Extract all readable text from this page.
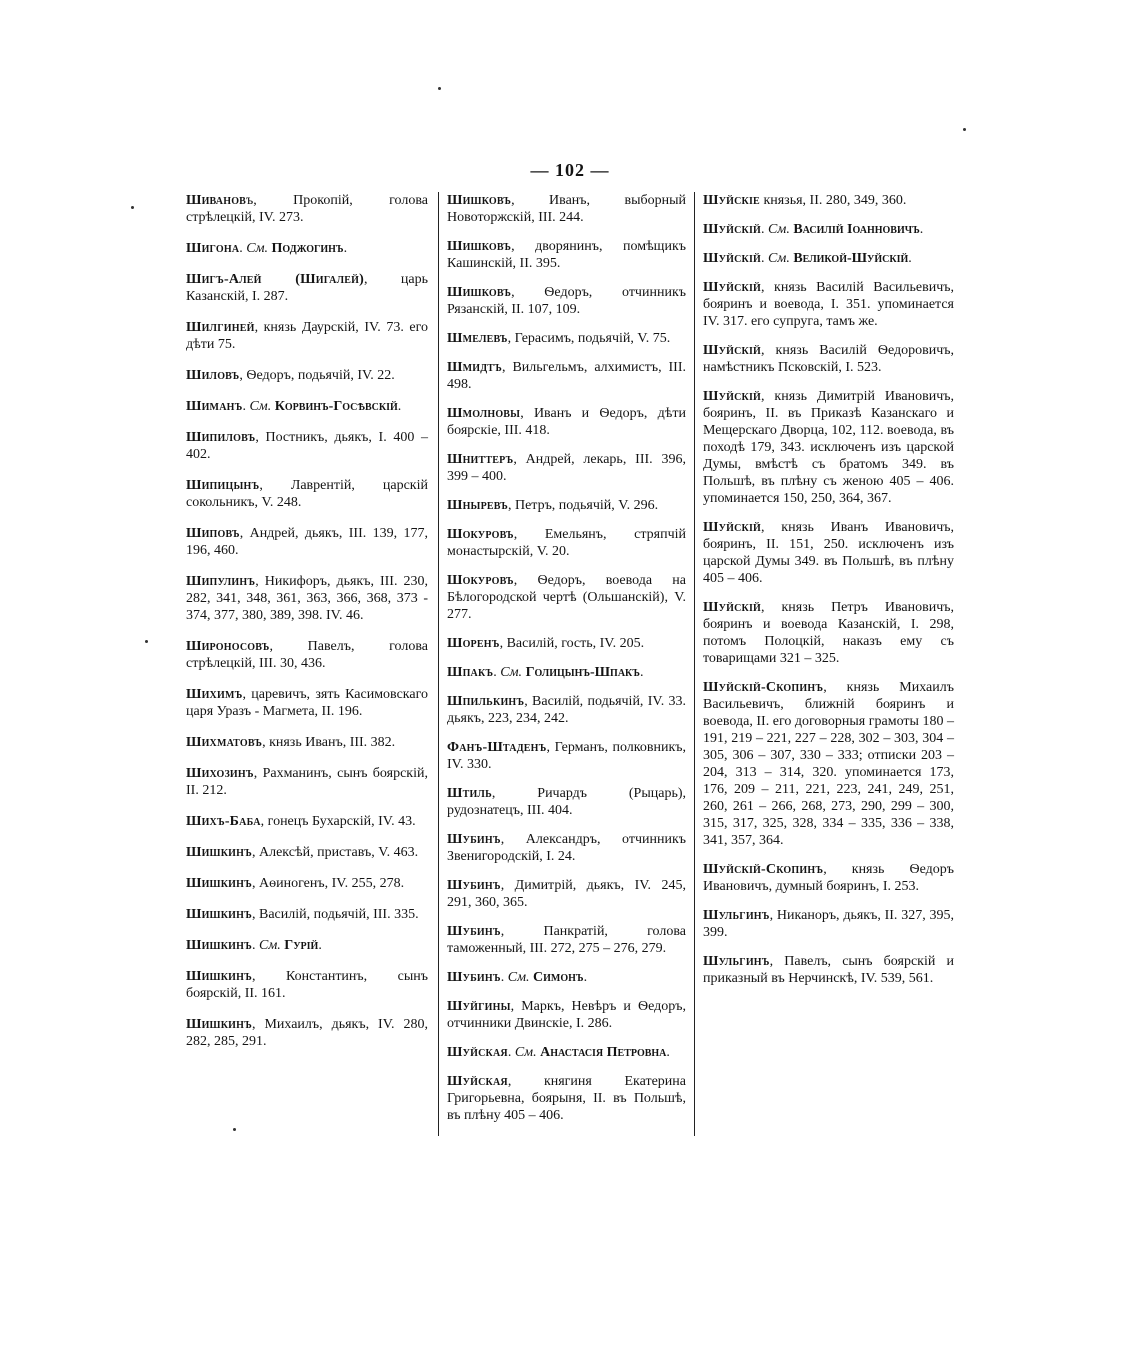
— 102 —

Шивановъ, Прокопій, голова стрѣлецкій, IV. 273.

Шигона. См. Поджогинъ.

Шигъ-Алей (Шигалей), царь Казанскій, I. 287.

Шилгиней, князь Даурскій, IV. 73. его дѣти 75.

Шиловъ, Ѳедоръ, подьячій, IV. 22.

Шиманъ. См. Корвинъ-Госѣвскій.

Шипиловъ, Постникъ, дьякъ, I. 400 – 402.

Шипицынъ, Лаврентій, царскій сокольникъ, V. 248.

Шиповъ, Андрей, дьякъ, III. 139, 177, 196, 460.

Шипулинъ, Никифоръ, дьякъ, III. 230, 282, 341, 348, 361, 363, 366, 368, 373 - 374, 377, 380, 389, 398. IV. 46.

Широносовъ, Павелъ, голова стрѣлецкій, III. 30, 436.

Шихимъ, царевичъ, зять Касимовскаго царя Уразъ - Магмета, II. 196.

Шихматовъ, князь Иванъ, III. 382.

Шихозинъ, Рахманинъ, сынъ боярскій, II. 212.

Шихъ-Баба, гонецъ Бухарскій, IV. 43.

Шишкинъ, Алексѣй, приставъ, V. 463.

Шишкинъ, Аѳиногенъ, IV. 255, 278.

Шишкинъ, Василій, подьячій, III. 335.

Шишкинъ. См. Гурій.

Шишкинъ, Константинъ, сынъ боярскій, II. 161.

Шишкинъ, Михаилъ, дьякъ, IV. 280, 282, 285, 291.

Шишковъ, Иванъ, выборный Новоторжскій, III. 244.

Шишковъ, дворянинъ, помѣщикъ Кашинскій, II. 395.

Шишковъ, Ѳедоръ, отчинникъ Рязанскій, II. 107, 109.

Шмелевъ, Герасимъ, подьячій, V. 75.

Шмидтъ, Вильгельмъ, алхимистъ, III. 498.

Шмолновы, Иванъ и Ѳедоръ, дѣти боярскіе, III. 418.

Шниттеръ, Андрей, лекарь, III. 396, 399 – 400.

Шныревъ, Петръ, подьячій, V. 296.

Шокуровъ, Емельянъ, стряпчій монастырскій, V. 20.

Шокуровъ, Ѳедоръ, воевода на Бѣлогородской чертѣ (Ольшанскій), V. 277.

Шоренъ, Василій, гость, IV. 205.

Шпакъ. См. Голицынъ-Шпакъ.

Шпилькинъ, Василій, подьячій, IV. 33. дьякъ, 223, 234, 242.

Фанъ-Штаденъ, Германъ, полковникъ, IV. 330.

Штиль, Ричардъ (Рыцарь), рудознатецъ, III. 404.

Шубинъ, Александръ, отчинникъ Звенигородскій, I. 24.

Шубинъ, Димитрій, дьякъ, IV. 245, 291, 360, 365.

Шубинъ, Панкратій, голова таможенный, III. 272, 275 – 276, 279.

Шубинъ. См. Симонъ.

Шуйгины, Маркъ, Невѣръ и Ѳедоръ, отчинники Двинскіе, I. 286.

Шуйская. См. Анастасія Петровна.

Шуйская, княгиня Екатерина Григорьевна, боярыня, II. въ Польшѣ, въ плѣну 405 – 406.

Шуйскіе князья, II. 280, 349, 360.

Шуйскій. См. Василій Іоанновичъ.

Шуйскій. См. Великой-Шуйскій.

Шуйскій, князь Василій Васильевичъ, бояринъ и воевода, I. 351. упоминается IV. 317. его супруга, тамъ же.

Шуйскій, князь Василій Ѳедоровичъ, намѣстникъ Псковскій, I. 523.

Шуйскій, князь Димитрій Ивановичъ, бояринъ, II. въ Приказѣ Казанскаго и Мещерскаго Дворца, 102, 112. воевода, въ походѣ 179, 343. исключенъ изъ царской Думы, вмѣстѣ съ братомъ 349. въ Польшѣ, въ плѣну съ женою 405 – 406. упоминается 150, 250, 364, 367.

Шуйскій, князь Иванъ Ивановичъ, бояринъ, II. 151, 250. исключенъ изъ царской Думы 349. въ Польшѣ, въ плѣну 405 – 406.

Шуйскій, князь Петръ Ивановичъ, бояринъ и воевода Казанскій, I. 298, потомъ Полоцкій, наказъ ему съ товарищами 321 – 325.

Шуйскій-Скопинъ, князь Михаилъ Васильевичъ, ближній бояринъ и воевода, II. его договорныя грамоты 180 – 191, 219 – 221, 227 – 228, 302 – 303, 304 – 305, 306 – 307, 330 – 333; отписки 203 – 204, 313 – 314, 320. упоминается 173, 176, 209 – 211, 221, 223, 241, 249, 251, 260, 261 – 266, 268, 273, 290, 299 – 300, 315, 317, 325, 328, 334 – 335, 336 – 338, 341, 357, 364.

Шуйскій-Скопинъ, князь Ѳедоръ Ивановичъ, думный бояринъ, I. 253.

Шульгинъ, Никаноръ, дьякъ, II. 327, 395, 399.

Шульгинъ, Павелъ, сынъ боярскій и приказный въ Нерчинскѣ, IV. 539, 561.
